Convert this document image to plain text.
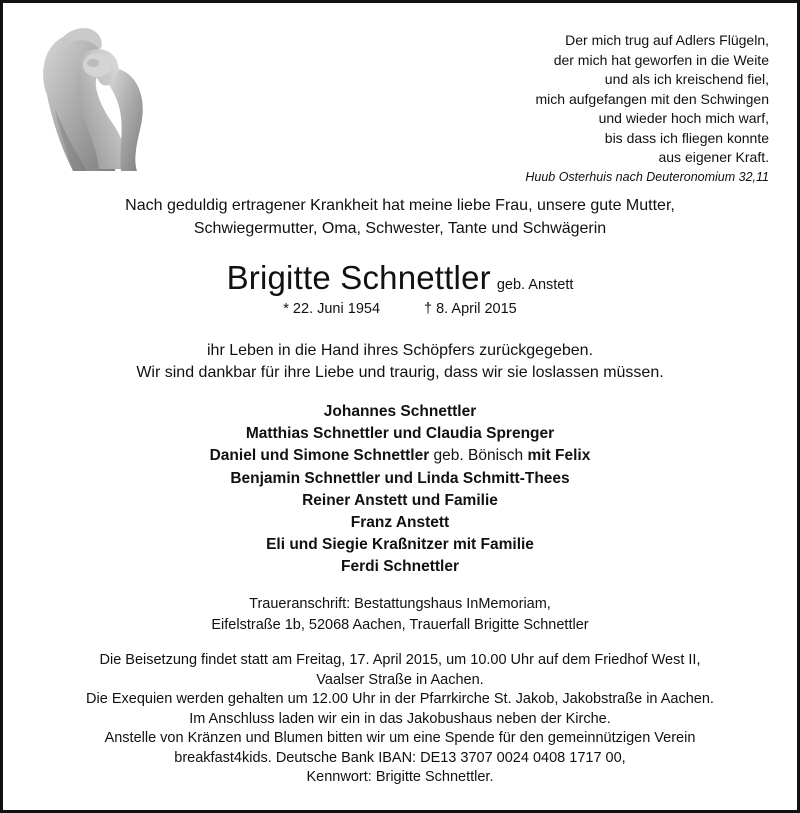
Der mich trug auf Adlers Flügeln,
der mich hat geworfen in die Weite
und als ich kreischend fiel,
mich aufgefangen mit den Schwingen
und wieder hoch mich warf,
bis dass ich fliegen konnte
aus eigener Kraft.
Huub Osterhuis nach Deuteronomium 32,11
Nach geduldig ertragener Krankheit hat meine liebe Frau, unsere gute Mutter,
Schwiegermutter, Oma, Schwester, Tante und Schwägerin
Brigitte Schnettler geb. Anstett
* 22. Juni 1954	† 8. April 2015
ihr Leben in die Hand ihres Schöpfers zurückgegeben.
Wir sind dankbar für ihre Liebe und traurig, dass wir sie loslassen müssen.
Johannes Schnettler
Matthias Schnettler und Claudia Sprenger
Daniel und Simone Schnettler geb. Bönisch mit Felix
Benjamin Schnettler und Linda Schmitt-Thees
Reiner Anstett und Familie
Franz Anstett
Eli und Siegie Kraßnitzer mit Familie
Ferdi Schnettler
Traueranschrift: Bestattungshaus InMemoriam,
Eifelstraße 1b, 52068 Aachen, Trauerfall Brigitte Schnettler
Die Beisetzung findet statt am Freitag, 17. April 2015, um 10.00 Uhr auf dem Friedhof West II,
Vaalser Straße in Aachen.
Die Exequien werden gehalten um 12.00 Uhr in der Pfarrkirche St. Jakob, Jakobstraße in Aachen.
Im Anschluss laden wir ein in das Jakobushaus neben der Kirche.
Anstelle von Kränzen und Blumen bitten wir um eine Spende für den gemeinnützigen Verein
breakfast4kids. Deutsche Bank IBAN: DE13 3707 0024 0408 1717 00,
Kennwort: Brigitte Schnettler.
